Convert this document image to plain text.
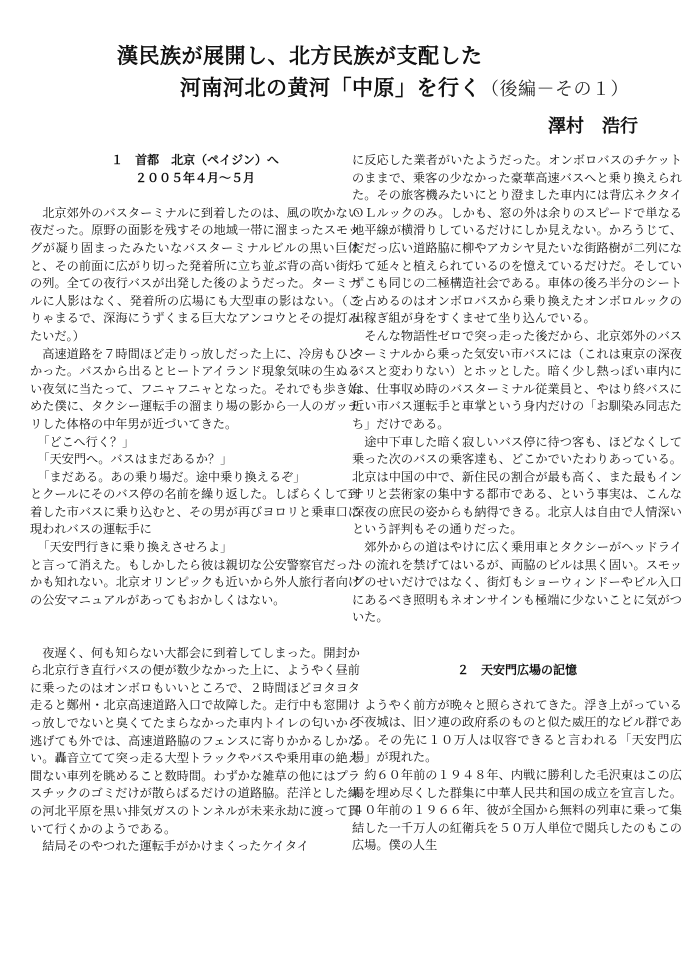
漢民族が展開し、北方民族が支配した
河南河北の黄河「中原」を行く（後編－その１）
澤村　浩行
１　首都　北京（ペイジン）へ
２００５年４月～５月

北京郊外のバスターミナルに到着したのは、風の吹かない夜だった。原野の面影を残すその地域一帯に溜まったスモッグが凝り固まったみたいなバスターミナルビルの黒い巨体と、その前面に広がり切った発着所に立ち並ぶ背の高い街灯の列。全ての夜行バスが出発した後のようだった。ターミナルに人影はなく、発着所の広場にも大型車の影はない。（こりゃまるで、深海にうずくまる巨大なアンコウとその提灯みたいだ。）

高速道路を７時間ほど走りっ放しだった上に、冷房もひどかった。バスから出るとヒートアイランド現象気味の生ぬるい夜気に当たって、フニャフニャとなった。それでも歩き始めた僕に、タクシー運転手の溜まり場の影から一人のガッチリした体格の中年男が近づいてきた。

「どこへ行く？」

「天安門へ。バスはまだあるか？」

「まだある。あの乗り場だ。途中乗り換えるぞ」

とクールにそのバス停の名前を繰り返した。しばらくして到着した市バスに乗り込むと、その男が再びヨロリと乗車口に現われバスの運転手に

「天安門行きに乗り換えさせろよ」

と言って消えた。もしかしたら彼は親切な公安警察官だったかも知れない。北京オリンピックも近いから外人旅行者向けの公安マニュアルがあってもおかしくはない。

夜遅く、何も知らない大都会に到着してしまった。開封から北京行き直行バスの便が数少なかった上に、ようやく昼前に乗ったのはオンボロもいいところで、２時間ほどヨタヨタ走ると鄭州・北京高速道路入口で故障した。走行中も窓開けっ放しでないと臭くてたまらなかった車内トイレの匂いから逃げても外では、高速道路脇のフェンスに寄りかかるしかない。轟音立てて突っ走る大型トラックやバスや乗用車の絶え間ない車列を眺めること数時間。わずかな雑草の他にはプラスチックのゴミだけが散らばるだけの道路脇。茫洋とした緑の河北平原を黒い排気ガスのトンネルが未来永劫に渡って貫いて行くかのようである。

結局そのやつれた運転手がかけまくったケイタイ

に反応した業者がいたようだった。オンボロバスのチケットのままで、乗客の少なかった豪華高速バスへと乗り換えられた。その旅客機みたいにとり澄ました車内には背広ネクタイＯＬルックのみ。しかも、窓の外は余りのスピードで単なる地平線が横滑りしているだけにしか見えない。かろうじて、だだっ広い道路脇に柳やアカシヤ見たいな街路樹が二列になって延々と植えられているのを憶えているだけだ。そしていずこも同じの二極構造社会である。車体の後ろ半分のシートを占めるのはオンボロバスから乗り換えたオンボロルックの出稼ぎ組が身をすくませて坐り込んでいる。

そんな物語性ゼロで突っ走った後だから、北京郊外のバスターミナルから乗った気安い市バスには（これは東京の深夜バスと変わりない）とホッとした。暗く少し熱っぽい車内には、仕事収め時のバスターミナル従業員と、やはり終バスに近い市バス運転手と車掌という身内だけの「お馴染み同志たち」だけである。

途中下車した暗く寂しいバス停に待つ客も、ほどなくして乗った次のバスの乗客達も、どこかでいたわりあっている。北京は中国の中で、新住民の割合が最も高く、また最もインテリと芸術家の集中する都市である、という事実は、こんな深夜の庶民の姿からも納得できる。北京人は自由で人情深いという評判もその通りだった。

郊外からの道はやけに広く乗用車とタクシーがヘッドライトの流れを禁げてはいるが、両脇のビルは黒く固い。スモッグのせいだけではなく、街灯もショーウィンドーやビル入口にあるべき照明もネオンサインも極端に少ないことに気がついた。

２　天安門広場の記憶

ようやく前方が晩々と照らされてきた。浮き上がっている不夜城は、旧ソ連の政府系のものと似た威圧的なビル群である。その先に１０万人は収容できると言われる「天安門広場」が現れた。

約６０年前の１９４８年、内戦に勝利した毛沢東はこの広場を埋め尽くした群集に中華人民共和国の成立を宣言した。４０年前の１９６６年、彼が全国から無料の列車に乗って集結した一千万人の紅衛兵を５０万人単位で閲兵したのもこの広場。僕の人生
